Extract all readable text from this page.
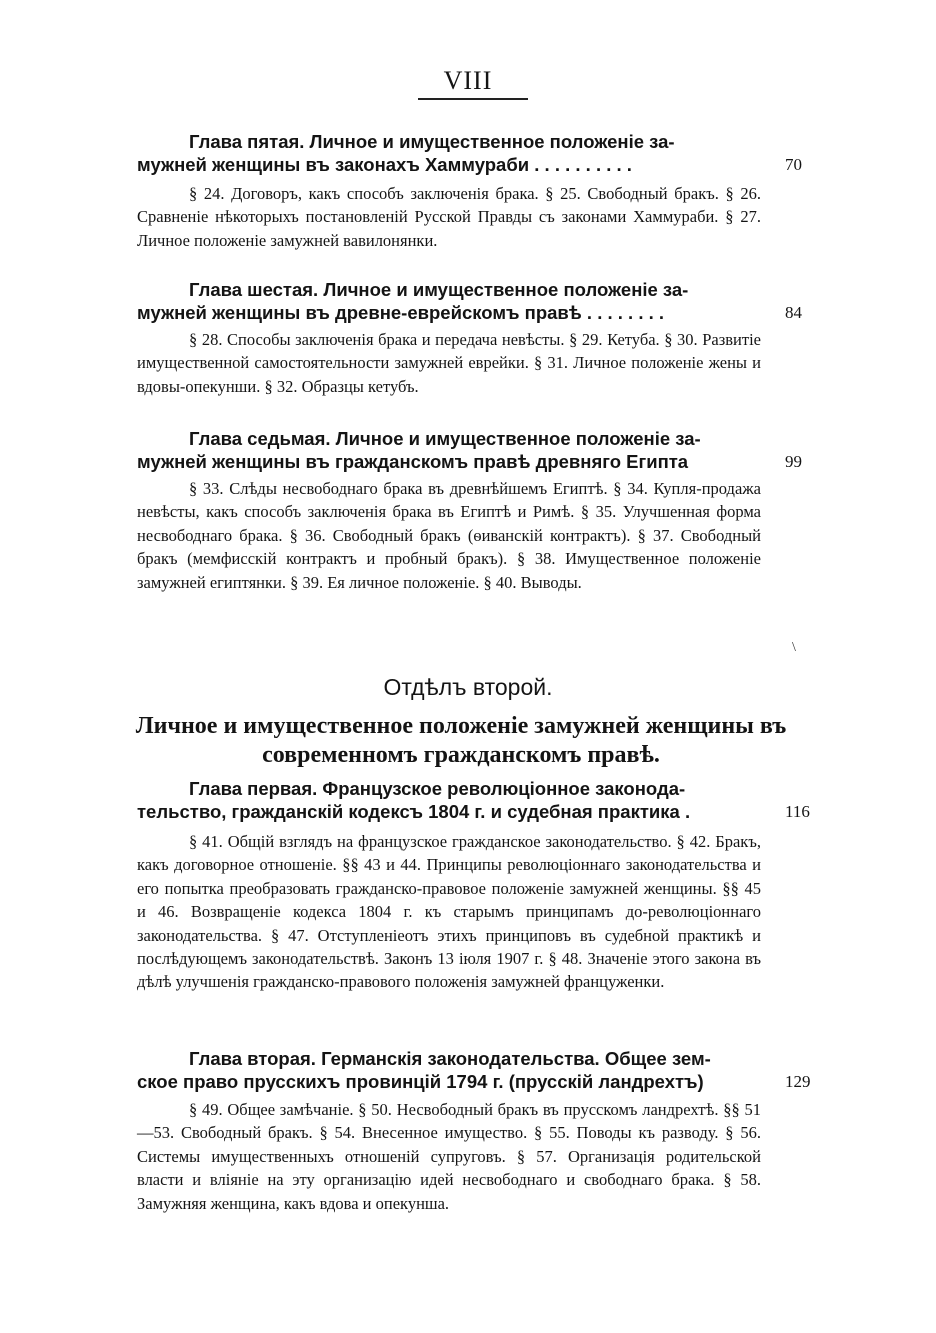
VIII
Глава пятая. Личное и имущественное положенiе за-
мужней женщины въ законахъ Хаммураби . . . . . . . . . .	70
§ 24. Договоръ, какъ способъ заключенiя брака. § 25. Свободный бракъ. § 26. Сравненiе нѣкоторыхъ постановленiй Русской Правды съ законами Хаммураби. § 27. Личное положенiе замужней вавилонянки.
Глава шестая. Личное и имущественное положенiе за-
мужней женщины въ древне-еврейскомъ правѣ . . . . . . . .	84
§ 28. Способы заключенiя брака и передача невѣсты. § 29. Кетуба. § 30. Развитiе имущественной самостоятельности замужней еврейки. § 31. Личное положенiе жены и вдовы-опекунши. § 32. Образцы кетубъ.
Глава седьмая. Личное и имущественное положенiе за-
мужней женщины въ гражданскомъ правѣ древняго Египта	99
§ 33. Слѣды несвободнаго брака въ древнѣйшемъ Египтѣ. § 34. Купля-продажа невѣсты, какъ способъ заключенiя брака въ Египтѣ и Римѣ. § 35. Улучшенная форма несвободнаго брака. § 36. Свободный бракъ (ѳиванскiй контрактъ). § 37. Свободный бракъ (мемфисскiй контрактъ и пробный бракъ). § 38. Имущественное положенiе замужней египтянки. § 39. Ея личное положенiе. § 40. Выводы.
\
Отдѣлъ второй.
Личное и имущественное положенiе замужней женщины въ современномъ гражданскомъ правѣ.
Глава первая. Французское революцiонное законода-
тельство, гражданскiй кодексъ 1804 г. и судебная практика .	116
§ 41. Общiй взглядъ на французское гражданское законодательство. § 42. Бракъ, какъ договорное отношенiе. §§ 43 и 44. Принципы революцiоннаго законодательства и его попытка преобразовать гражданско-правовое положенiе замужней женщины. §§ 45 и 46. Возвращенiе кодекса 1804 г. къ старымъ принципамъ до-революцiоннаго законодательства. § 47. Отступленiеотъ этихъ принциповъ въ судебной практикѣ и послѣдующемъ законодательствѣ. Законъ 13 iюля 1907 г. § 48. Значенiе этого закона въ дѣлѣ улучшенiя гражданско-правового положенiя замужней француженки.
Глава вторая. Германскiя законодательства. Общее зем-
ское право прусскихъ провинцiй 1794 г. (прусскiй ландрехтъ)	129
§ 49. Общее замѣчанiе. § 50. Несвободный бракъ въ прусскомъ ландрехтѣ. §§ 51—53. Свободный бракъ. § 54. Внесенное имущество. § 55. Поводы къ разводу. § 56. Системы имущественныхъ отношенiй супруговъ. § 57. Организацiя родительской власти и влiянiе на эту организацiю идей несвободнаго и свободнаго брака. § 58. Замужняя женщина, какъ вдова и опекунша.
